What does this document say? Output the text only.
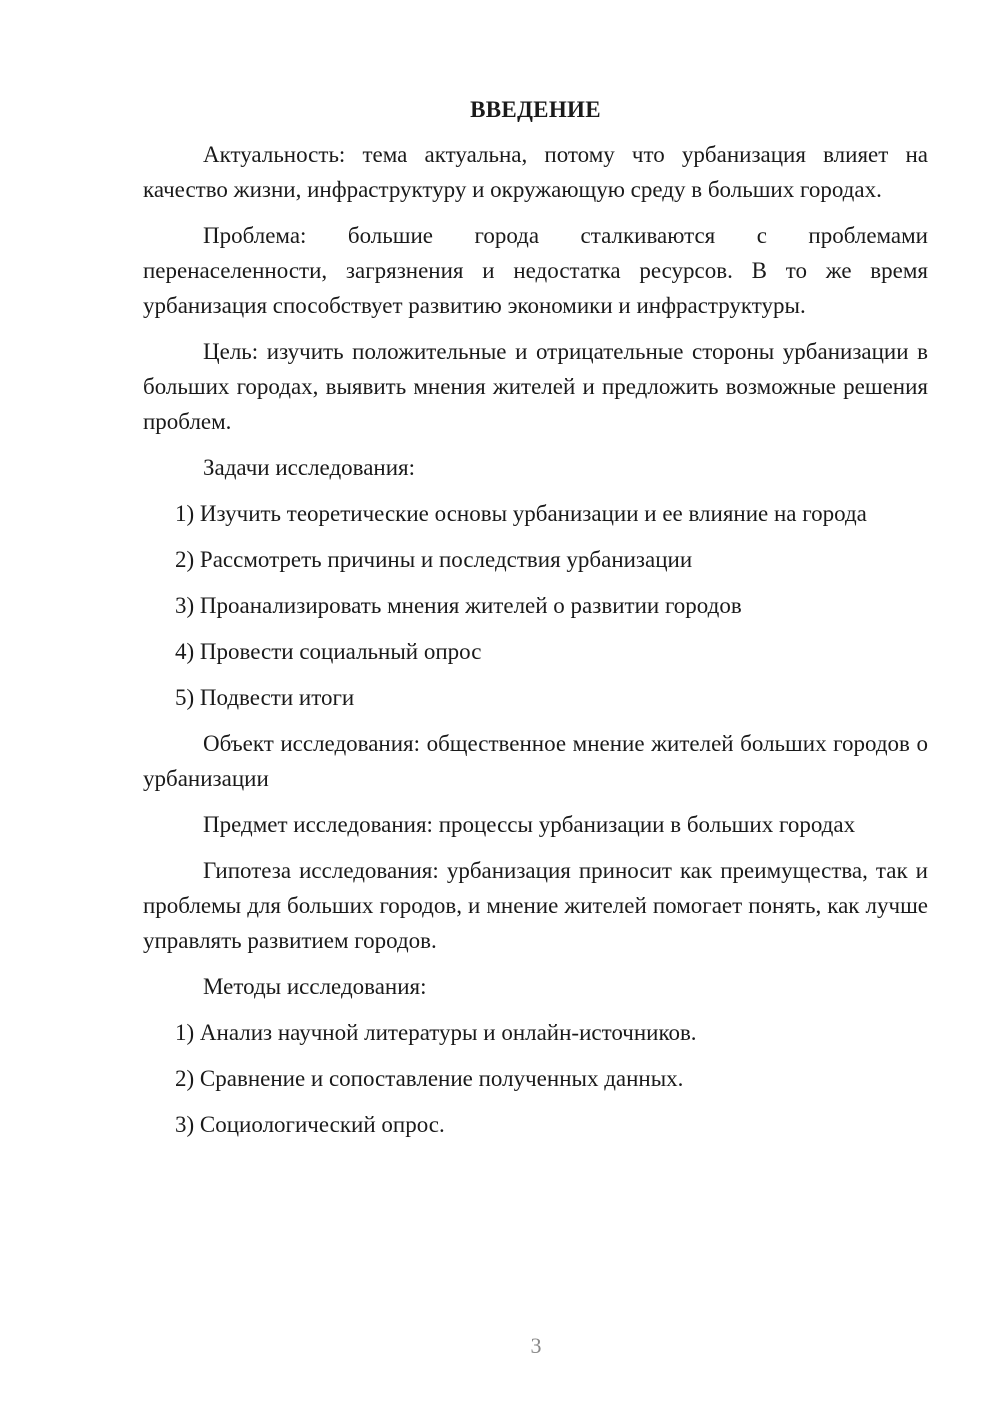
ВВЕДЕНИЕ

Актуальность: тема актуальна, потому что урбанизация влияет на качество жизни, инфраструктуру и окружающую среду в больших городах.

Проблема: большие города сталкиваются с проблемами перенаселенности, загрязнения и недостатка ресурсов. В то же время урбанизация способствует развитию экономики и инфраструктуры.

Цель: изучить положительные и отрицательные стороны урбанизации в больших городах, выявить мнения жителей и предложить возможные решения проблем.

Задачи исследования:

1) Изучить теоретические основы урбанизации и ее влияние на города
2) Рассмотреть причины и последствия урбанизации
3) Проанализировать мнения жителей о развитии городов
4) Провести социальный опрос
5) Подвести итоги

Объект исследования: общественное мнение жителей больших городов о урбанизации

Предмет исследования: процессы урбанизации в больших городах

Гипотеза исследования: урбанизация приносит как преимущества, так и проблемы для больших городов, и мнение жителей помогает понять, как лучше управлять развитием городов.

Методы исследования:

1) Анализ научной литературы и онлайн-источников.
2) Сравнение и сопоставление полученных данных.
3) Социологический опрос.
3
